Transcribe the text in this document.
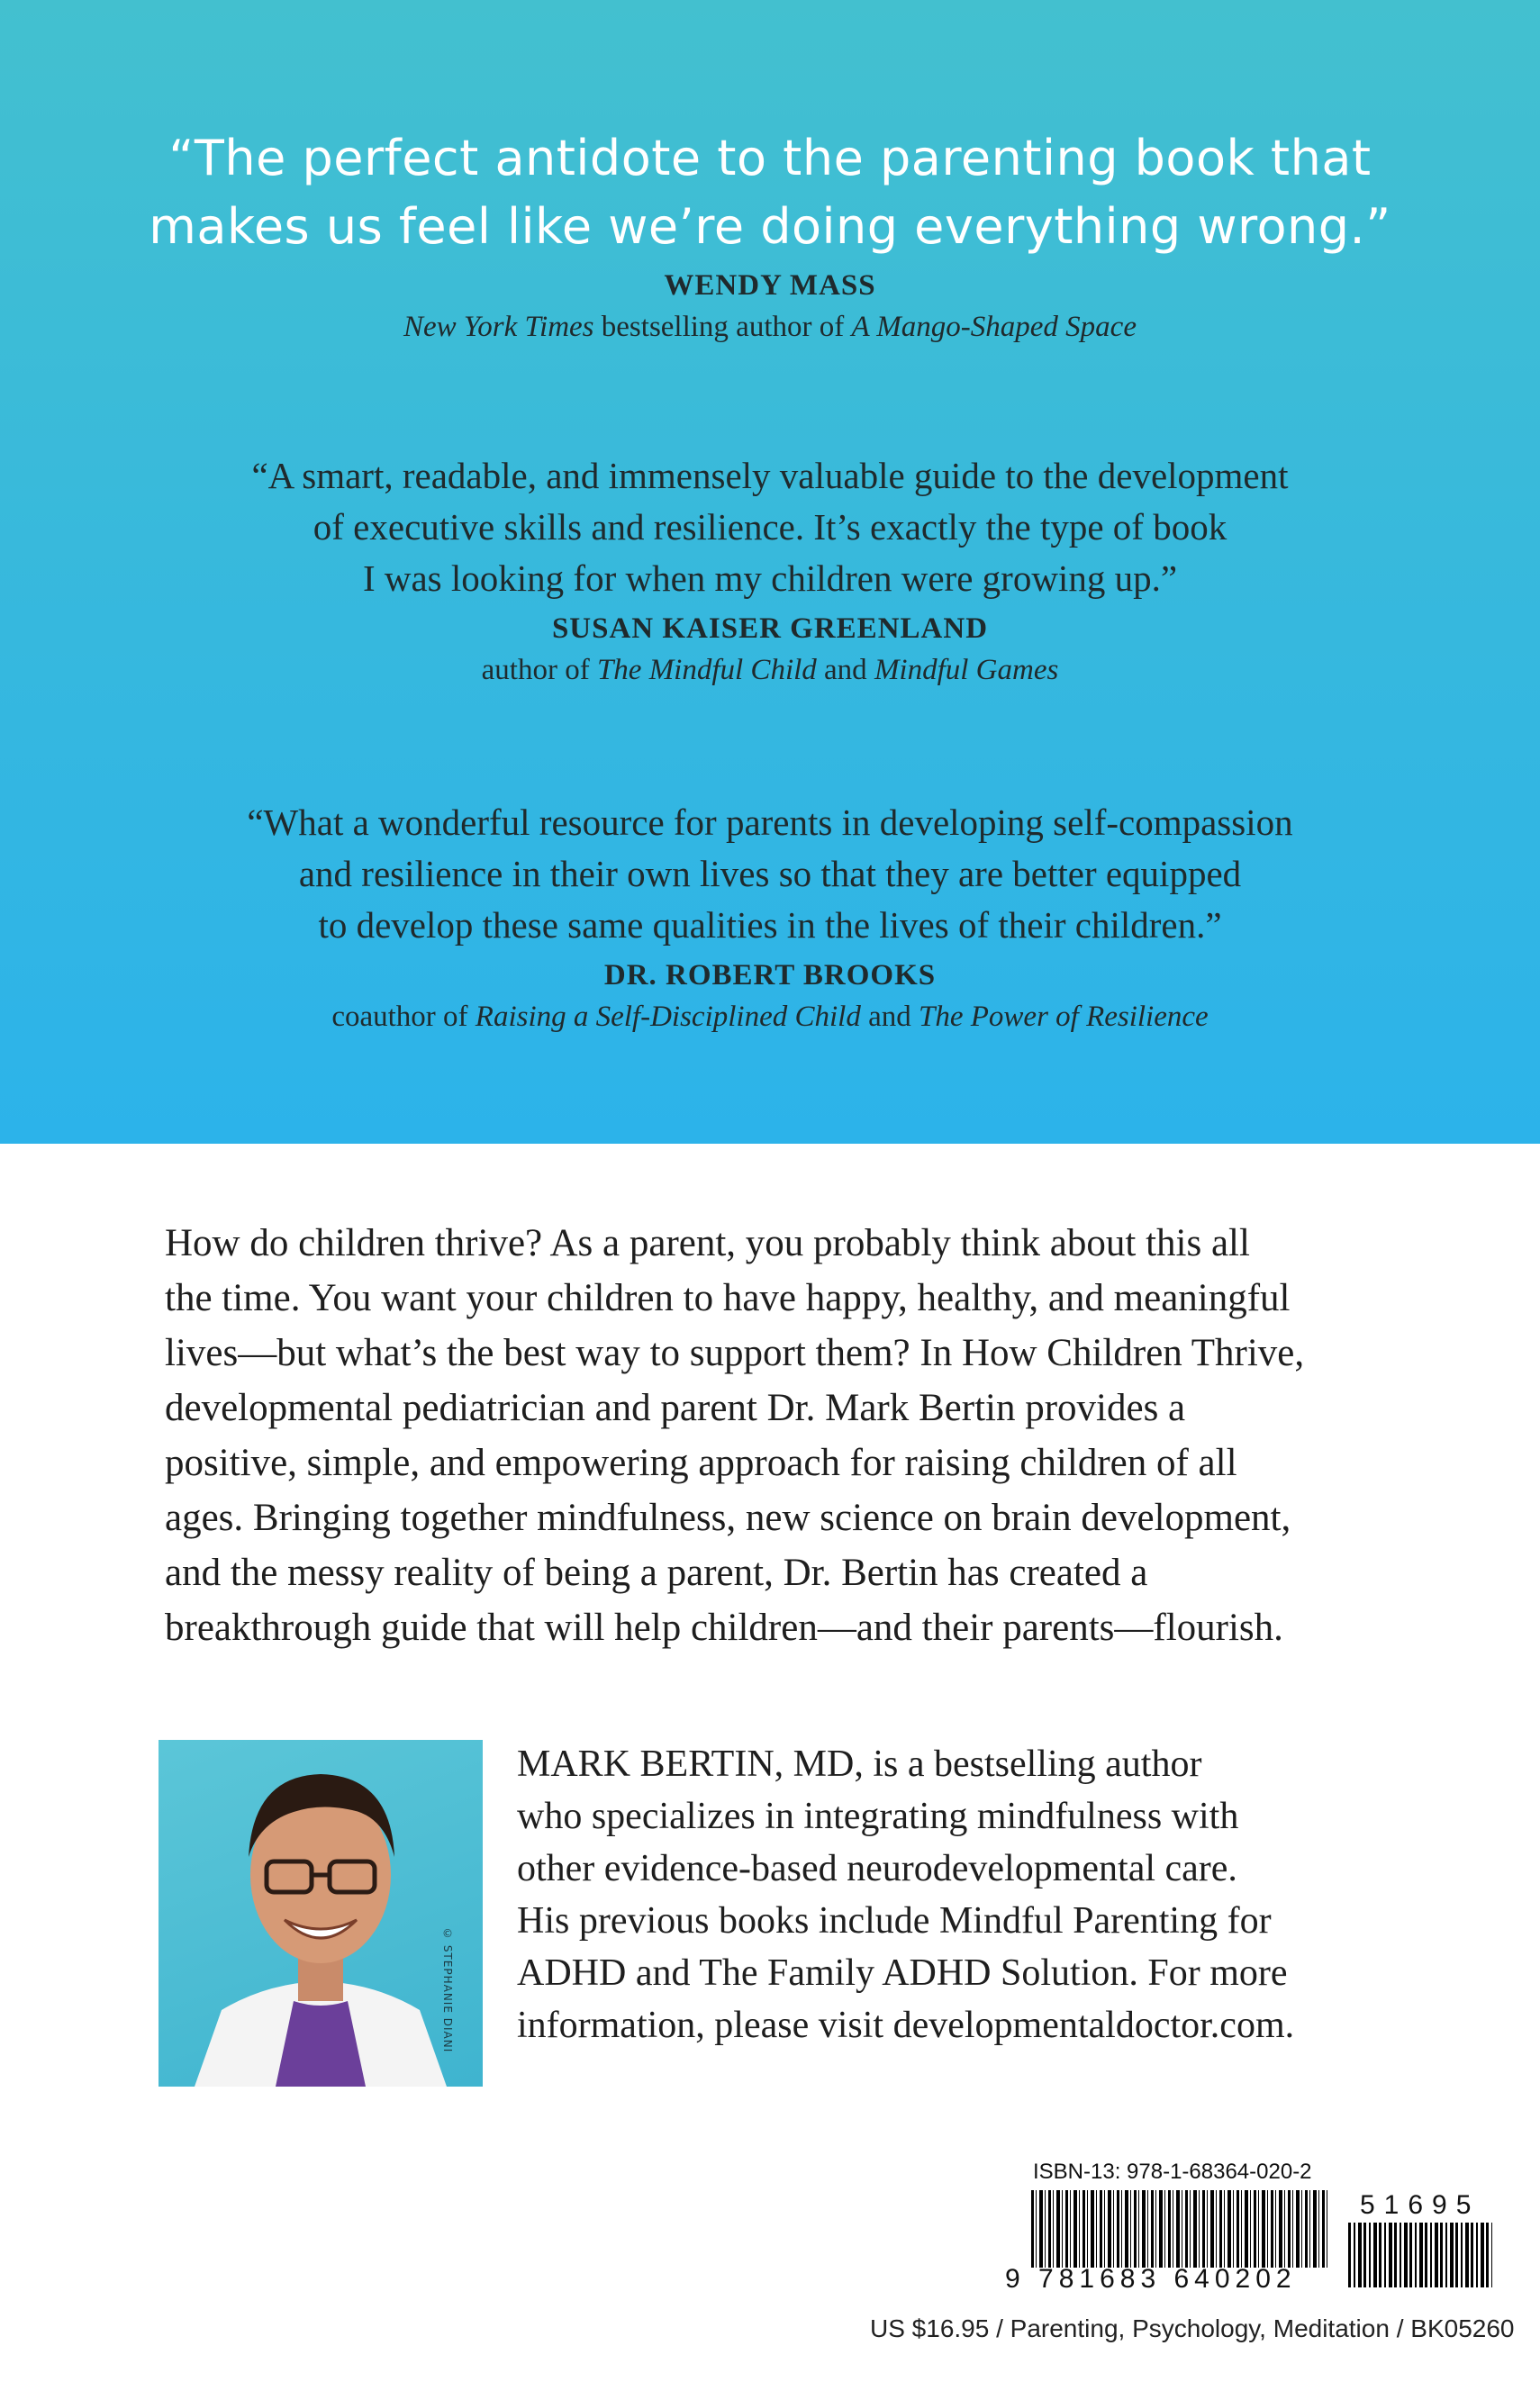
“The perfect antidote to the parenting book that
makes us feel like we’re doing everything wrong.”
WENDY MASS
New York Times bestselling author of A Mango-Shaped Space
“A smart, readable, and immensely valuable guide to the development
of executive skills and resilience. It’s exactly the type of book
I was looking for when my children were growing up.”
SUSAN KAISER GREENLAND
author of The Mindful Child and Mindful Games
“What a wonderful resource for parents in developing self-compassion
and resilience in their own lives so that they are better equipped
to develop these same qualities in the lives of their children.”
DR. ROBERT BROOKS
coauthor of Raising a Self-Disciplined Child and The Power of Resilience

How do children thrive? As a parent, you probably think about this all

the time. You want your children to have happy, healthy, and meaningful

lives—but what’s the best way to support them? In How Children Thrive,

developmental pediatrician and parent Dr. Mark Bertin provides a

positive, simple, and empowering approach for raising children of all

ages. Bringing together mindfulness, new science on brain development,

and the messy reality of being a parent, Dr. Bertin has created a

breakthrough guide that will help children—and their parents—flourish.

© STEPHANIE DIANI

MARK BERTIN, MD, is a bestselling author

who specializes in integrating mindfulness with

other evidence-based neurodevelopmental care.

His previous books include Mindful Parenting for

ADHD and The Family ADHD Solution. For more

information, please visit developmentaldoctor.com.

ISBN-13: 978-1-68364-020-2
51695
9 781683 640202
US $16.95 / Parenting, Psychology, Meditation / BK05260
